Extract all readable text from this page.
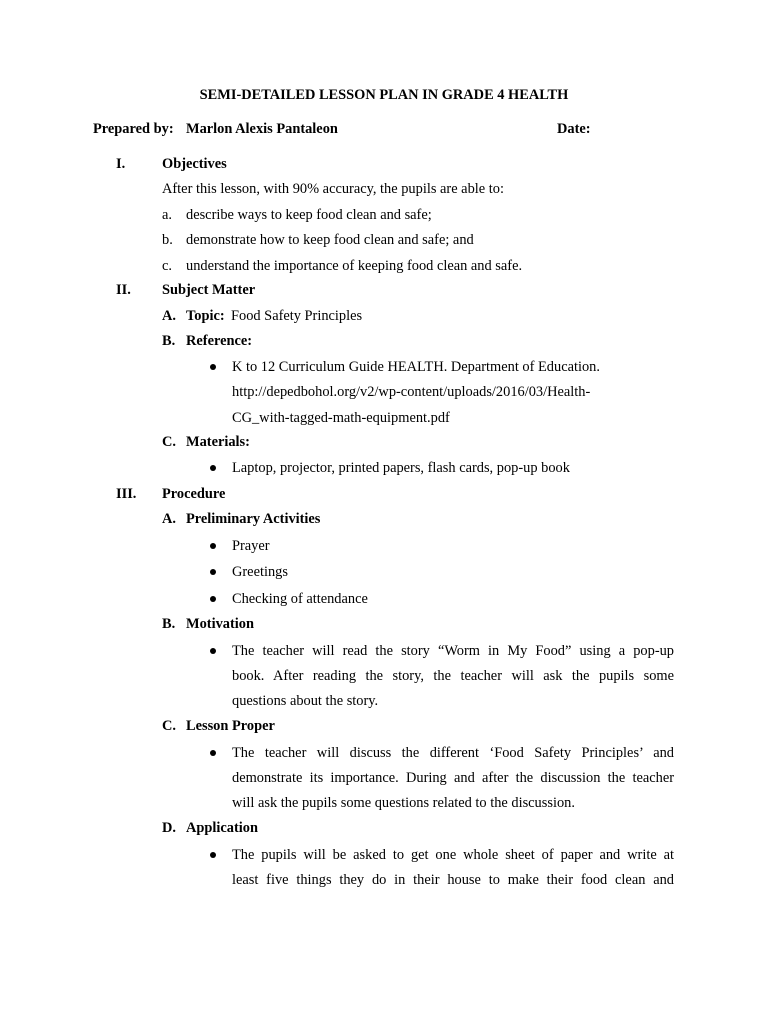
SEMI-DETAILED LESSON PLAN IN GRADE 4 HEALTH
Prepared by: Marlon Alexis Pantaleon	Date:
I.	Objectives
After this lesson, with 90% accuracy, the pupils are able to:
a. describe ways to keep food clean and safe;
b. demonstrate how to keep food clean and safe; and
c. understand the importance of keeping food clean and safe.
II. Subject Matter
A. Topic: Food Safety Principles
B. Reference:
K to 12 Curriculum Guide HEALTH. Department of Education.
http://depedbohol.org/v2/wp-content/uploads/2016/03/Health-
CG_with-tagged-math-equipment.pdf
C. Materials:
Laptop, projector, printed papers, flash cards, pop-up book
III. Procedure
A. Preliminary Activities
Prayer
Greetings
Checking of attendance
B. Motivation
The teacher will read the story “Worm in My Food” using a pop-up
book. After reading the story, the teacher will ask the pupils some
questions about the story.
C. Lesson Proper
The teacher will discuss the different ‘Food Safety Principles’ and
demonstrate its importance. During and after the discussion the teacher
will ask the pupils some questions related to the discussion.
D. Application
The pupils will be asked to get one whole sheet of paper and write at
least five things they do in their house to make their food clean and
